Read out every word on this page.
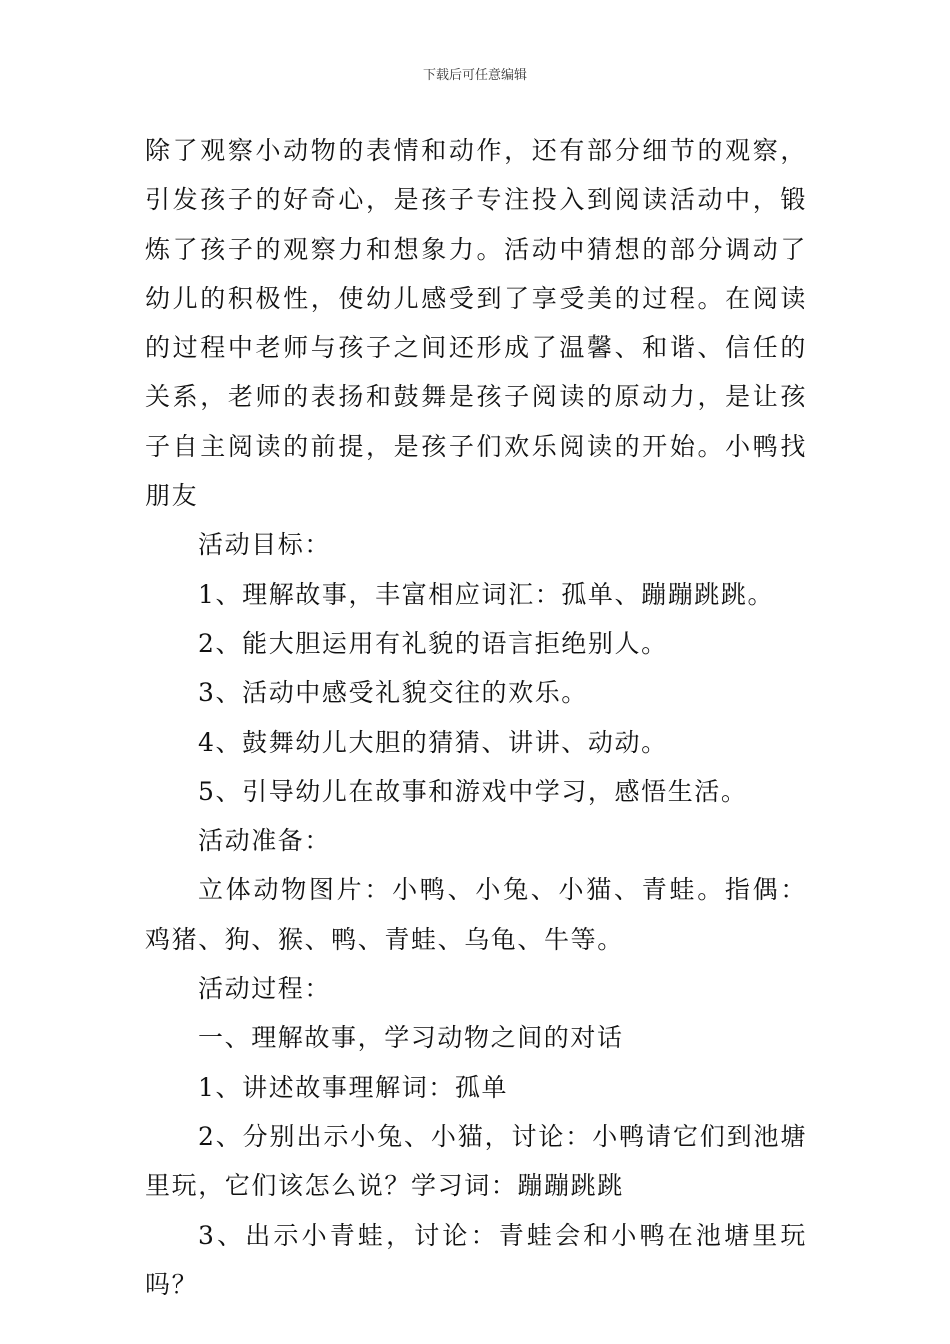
下载后可任意编辑

除了观察小动物的表情和动作，还有部分细节的观察，引发孩子的好奇心，是孩子专注投入到阅读活动中，锻炼了孩子的观察力和想象力。活动中猜想的部分调动了幼儿的积极性，使幼儿感受到了享受美的过程。在阅读的过程中老师与孩子之间还形成了温馨、和谐、信任的关系，老师的表扬和鼓舞是孩子阅读的原动力，是让孩子自主阅读的前提，是孩子们欢乐阅读的开始。小鸭找朋友

活动目标：

1、理解故事，丰富相应词汇：孤单、蹦蹦跳跳。

2、能大胆运用有礼貌的语言拒绝别人。

3、活动中感受礼貌交往的欢乐。

4、鼓舞幼儿大胆的猜猜、讲讲、动动。

5、引导幼儿在故事和游戏中学习，感悟生活。

活动准备：

立体动物图片：小鸭、小兔、小猫、青蛙。指偶：鸡猪、狗、猴、鸭、青蛙、乌龟、牛等。

活动过程：

一、理解故事，学习动物之间的对话

1、讲述故事理解词：孤单

2、分别出示小兔、小猫，讨论：小鸭请它们到池塘里玩，它们该怎么说？学习词：蹦蹦跳跳

3、出示小青蛙，讨论：青蛙会和小鸭在池塘里玩吗？
